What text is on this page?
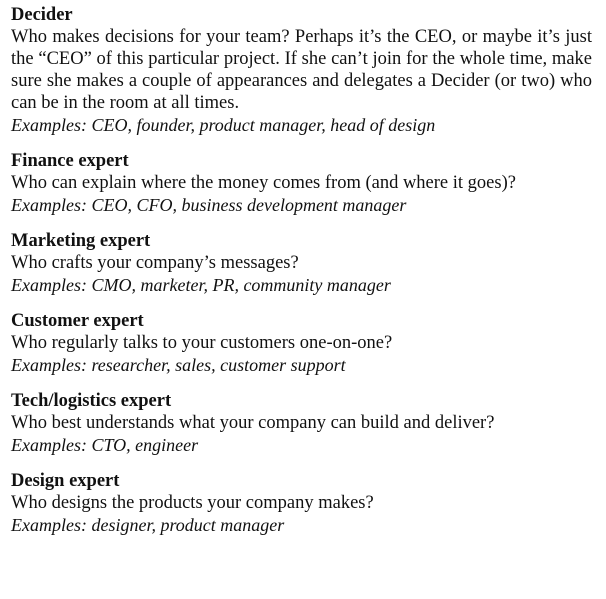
Decider

Who makes decisions for your team? Perhaps it’s the CEO, or maybe it’s just the “CEO” of this particular project. If she can’t join for the whole time, make sure she makes a couple of appearances and delegates a Decider (or two) who can be in the room at all times.

Examples: CEO, founder, product manager, head of design

Finance expert

Who can explain where the money comes from (and where it goes)?

Examples: CEO, CFO, business development manager

Marketing expert

Who crafts your company’s messages?

Examples: CMO, marketer, PR, community manager

Customer expert

Who regularly talks to your customers one-on-one?

Examples: researcher, sales, customer support

Tech/logistics expert

Who best understands what your company can build and deliver?

Examples: CTO, engineer

Design expert

Who designs the products your company makes?

Examples: designer, product manager
